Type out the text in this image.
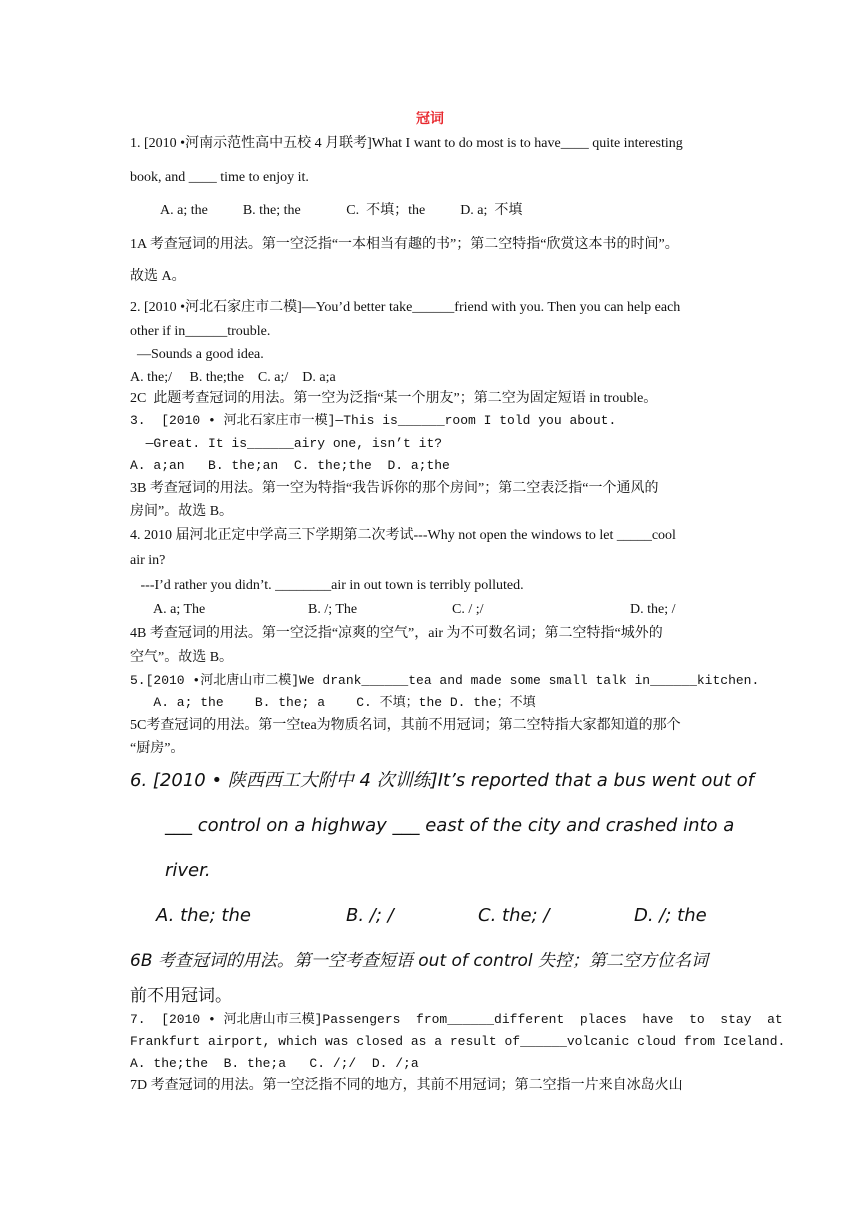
冠词
1. [2010 •河南示范性高中五校 4 月联考]What I want to do most is to have____ quite interesting
book, and ____ time to enjoy it.
A. a; the          B. the; the             C.  不填；the          D. a;  不填
1A 考查冠词的用法。第一空泛指“一本相当有趣的书”；第二空特指“欣赏这本书的时间”。
故选 A。
2. [2010 •河北石家庄市二模]—You’d better take______friend with you. Then you can help each
other if in______trouble.
—Sounds a good idea.
A. the;/     B. the;the    C. a;/    D. a;a
2C  此题考查冠词的用法。第一空为泛指“某一个朋友”；第二空为固定短语 in trouble。
3.  [2010 • 河北石家庄市一模]—This is______room I told you about.
—Great. It is______airy one, isn’t it?
A. a;an   B. the;an  C. the;the  D. a;the
3B 考查冠词的用法。第一空为特指“我告诉你的那个房间”；第二空表泛指“一个通风的
房间”。故选 B。
4. 2010 届河北正定中学高三下学期第二次考试---Why not open the windows to let _____cool
air in?
---I’d rather you didn’t. ________air in out town is terribly polluted.
A. a; The	B. /; The	C. / ;/	D. the; /
4B 考查冠词的用法。第一空泛指“凉爽的空气”，air 为不可数名词；第二空特指“城外的
空气”。故选 B。
5.[2010 •河北唐山市二模]We drank______tea and made some small talk in______kitchen.
A. a; the    B. the; a    C. 不填；the D. the；不填
5C考查冠词的用法。第一空tea为物质名词，其前不用冠词；第二空特指大家都知道的那个
“厨房”。
6. [2010 • 陕西西工大附中 4 次训练]It’s reported that a bus went out of
___ control on a highway ___ east of the city and crashed into a
river.
A. the; the	B. /; /	C. the; /	D. /; the
6B 考查冠词的用法。第一空考查短语 out of control 失控；第二空方位名词
前不用冠词。
7.  [2010 • 河北唐山市三模]Passengers  from______different  places  have  to  stay  at
Frankfurt airport, which was closed as a result of______volcanic cloud from Iceland.
A. the;the  B. the;a   C. /;/  D. /;a
7D 考查冠词的用法。第一空泛指不同的地方，其前不用冠词；第二空指一片来自冰岛火山
